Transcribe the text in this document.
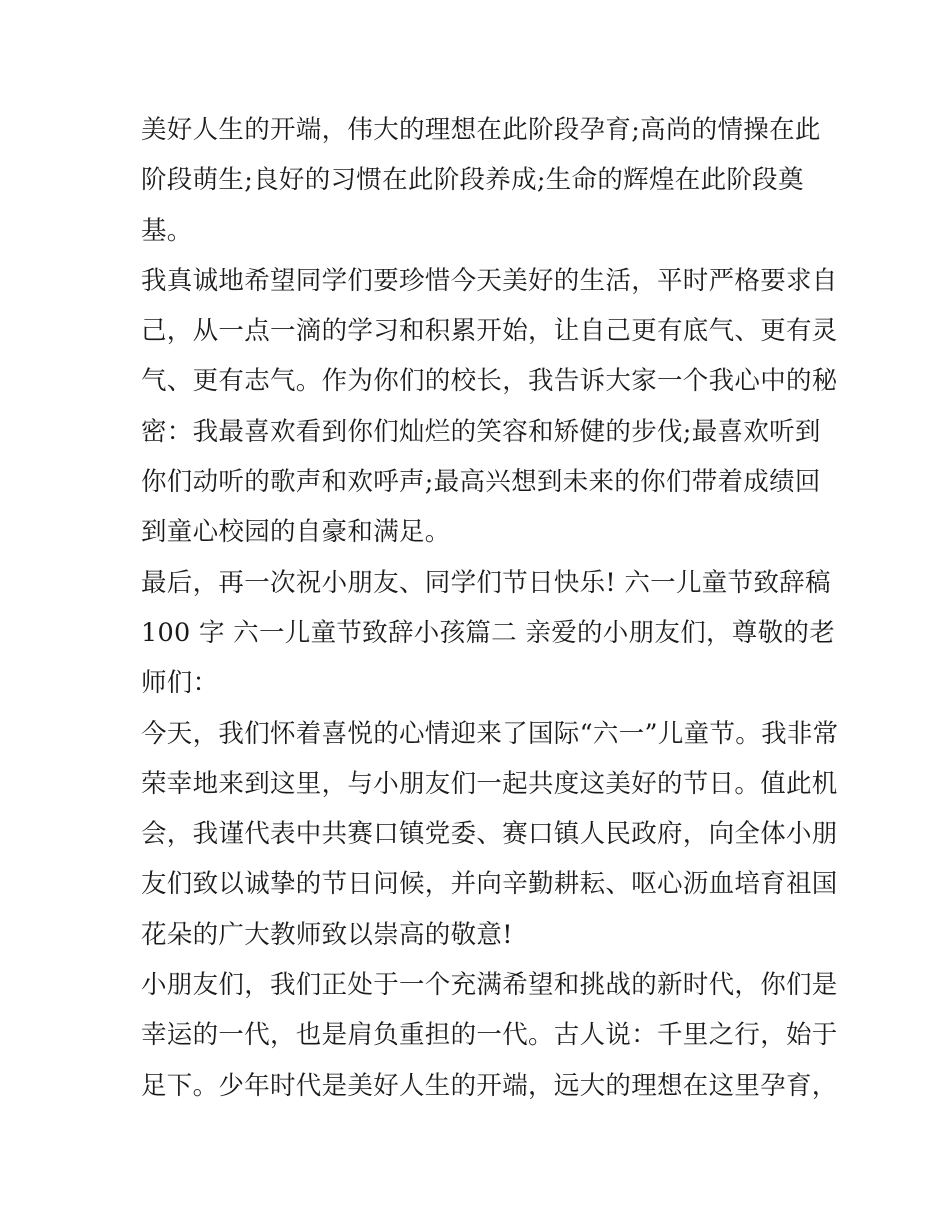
美好人生的开端，伟大的理想在此阶段孕育;高尚的情操在此
阶段萌生;良好的习惯在此阶段养成;生命的辉煌在此阶段奠
基。
我真诚地希望同学们要珍惜今天美好的生活，平时严格要求自
己，从一点一滴的学习和积累开始，让自己更有底气、更有灵
气、更有志气。作为你们的校长，我告诉大家一个我心中的秘
密：我最喜欢看到你们灿烂的笑容和矫健的步伐;最喜欢听到
你们动听的歌声和欢呼声;最高兴想到未来的你们带着成绩回
到童心校园的自豪和满足。
最后，再一次祝小朋友、同学们节日快乐! 六一儿童节致辞稿
100 字 六一儿童节致辞小孩篇二 亲爱的小朋友们，尊敬的老
师们：
今天，我们怀着喜悦的心情迎来了国际“六一”儿童节。我非常
荣幸地来到这里，与小朋友们一起共度这美好的节日。值此机
会，我谨代表中共赛口镇党委、赛口镇人民政府，向全体小朋
友们致以诚挚的节日问候，并向辛勤耕耘、呕心沥血培育祖国
花朵的广大教师致以崇高的敬意!
小朋友们，我们正处于一个充满希望和挑战的新时代，你们是
幸运的一代，也是肩负重担的一代。古人说：千里之行，始于
足下。少年时代是美好人生的开端，远大的理想在这里孕育，
